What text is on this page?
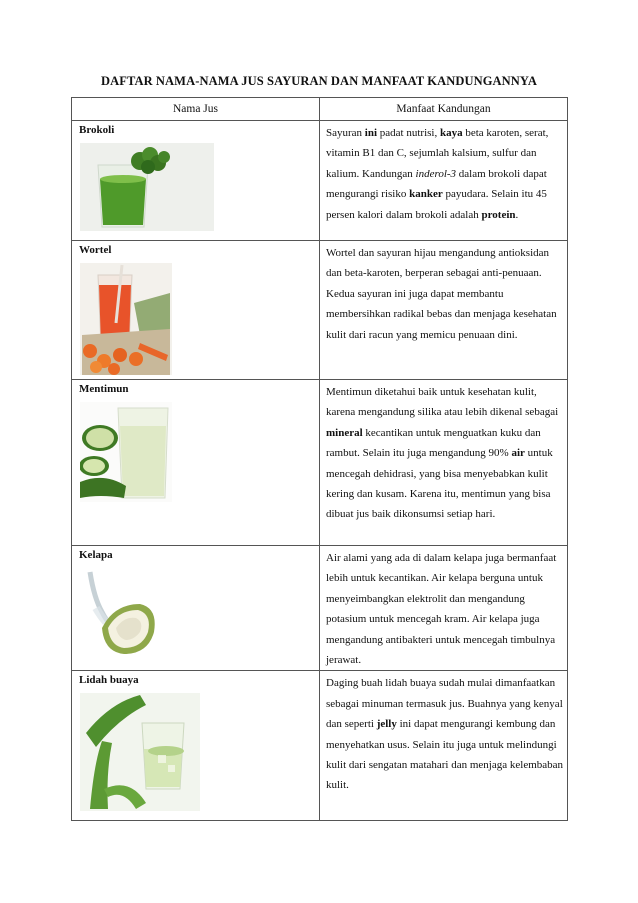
DAFTAR NAMA-NAMA JUS SAYURAN DAN MANFAAT KANDUNGANNYA
Nama Jus	Manfaat Kandungan

Brokoli	Sayuran ini padat nutrisi, kaya beta karoten, serat, vitamin B1 dan C, sejumlah kalsium, sulfur dan kalium. Kandungan inderol-3 dalam brokoli dapat mengurangi risiko kanker payudara. Selain itu 45 persen kalori dalam brokoli adalah protein.

Wortel	Wortel dan sayuran hijau mengandung antioksidan dan beta-karoten, berperan sebagai anti-penuaan. Kedua sayuran ini juga dapat membantu membersihkan radikal bebas dan menjaga kesehatan kulit dari racun yang memicu penuaan dini.

Mentimun	Mentimun diketahui baik untuk kesehatan kulit, karena mengandung silika atau lebih dikenal sebagai mineral kecantikan untuk menguatkan kuku dan rambut. Selain itu juga mengandung 90% air untuk mencegah dehidrasi, yang bisa menyebabkan kulit kering dan kusam. Karena itu, mentimun yang bisa dibuat jus baik dikonsumsi setiap hari.

Kelapa	Air alami yang ada di dalam kelapa juga bermanfaat lebih untuk kecantikan. Air kelapa berguna untuk menyeimbangkan elektrolit dan mengandung potasium untuk mencegah kram. Air kelapa juga mengandung antibakteri untuk mencegah timbulnya jerawat.

Lidah buaya	Daging buah lidah buaya sudah mulai dimanfaatkan sebagai minuman termasuk jus. Buahnya yang kenyal dan seperti jelly ini dapat mengurangi kembung dan menyehatkan usus. Selain itu juga untuk melindungi kulit dari sengatan matahari dan menjaga kelembaban kulit.
